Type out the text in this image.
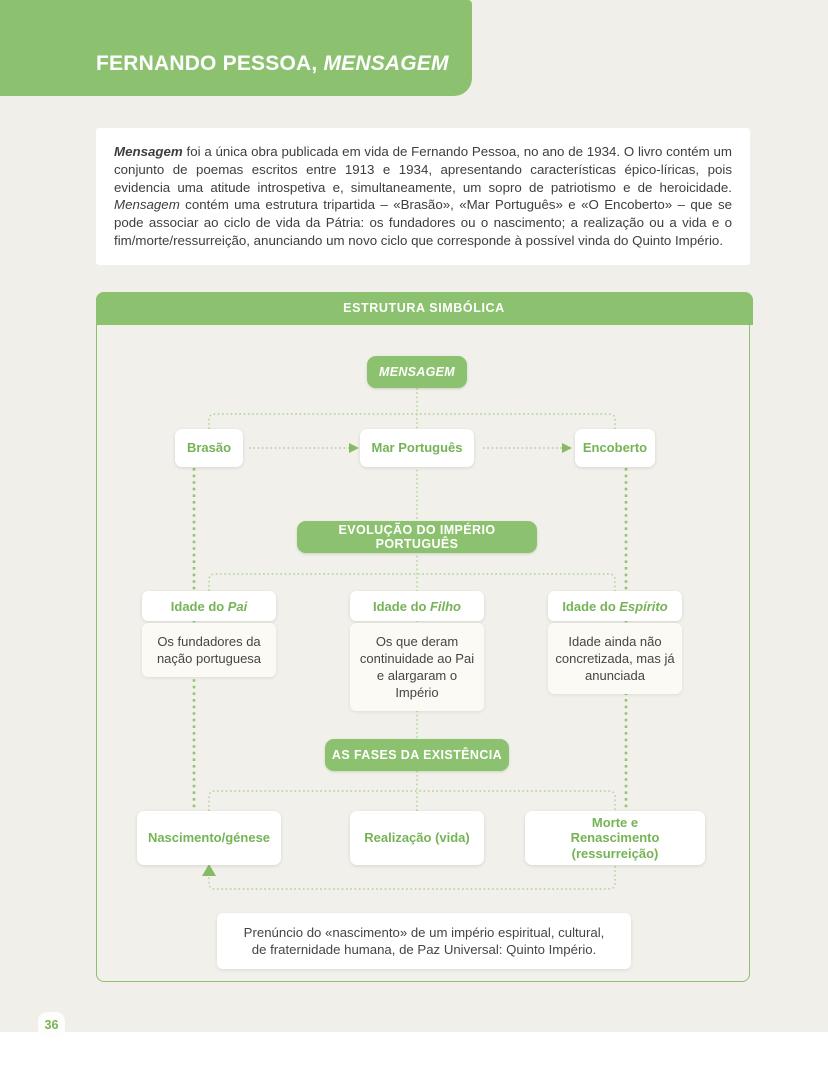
FERNANDO PESSOA, MENSAGEM

Mensagem foi a única obra publicada em vida de Fernando Pessoa, no ano de 1934. O livro contém um conjunto de poemas escritos entre 1913 e 1934, apresentando características épico-líricas, pois evidencia uma atitude introspetiva e, simultaneamente, um sopro de patriotismo e de heroicidade. Mensagem contém uma estrutura tripartida – «Brasão», «Mar Português» e «O Encoberto» – que se pode associar ao ciclo de vida da Pátria: os fundadores ou o nascimento; a realização ou a vida e o fim/morte/ressurreição, anunciando um novo ciclo que corresponde à possível vinda do Quinto Império.

ESTRUTURA SIMBÓLICA
MENSAGEM
Brasão	Mar Português	Encoberto
EVOLUÇÃO DO IMPÉRIO PORTUGUÊS
Idade do Pai
Os fundadores da nação portuguesa
Idade do Filho
Os que deram continuidade ao Pai e alargaram o Império
Idade do Espírito
Idade ainda não concretizada, mas já anunciada
AS FASES DA EXISTÊNCIA
Nascimento/génese	Realização (vida)
Morte e Renascimento (ressurreição)
Prenúncio do «nascimento» de um império espiritual, cultural, de fraternidade humana, de Paz Universal: Quinto Império.
36
